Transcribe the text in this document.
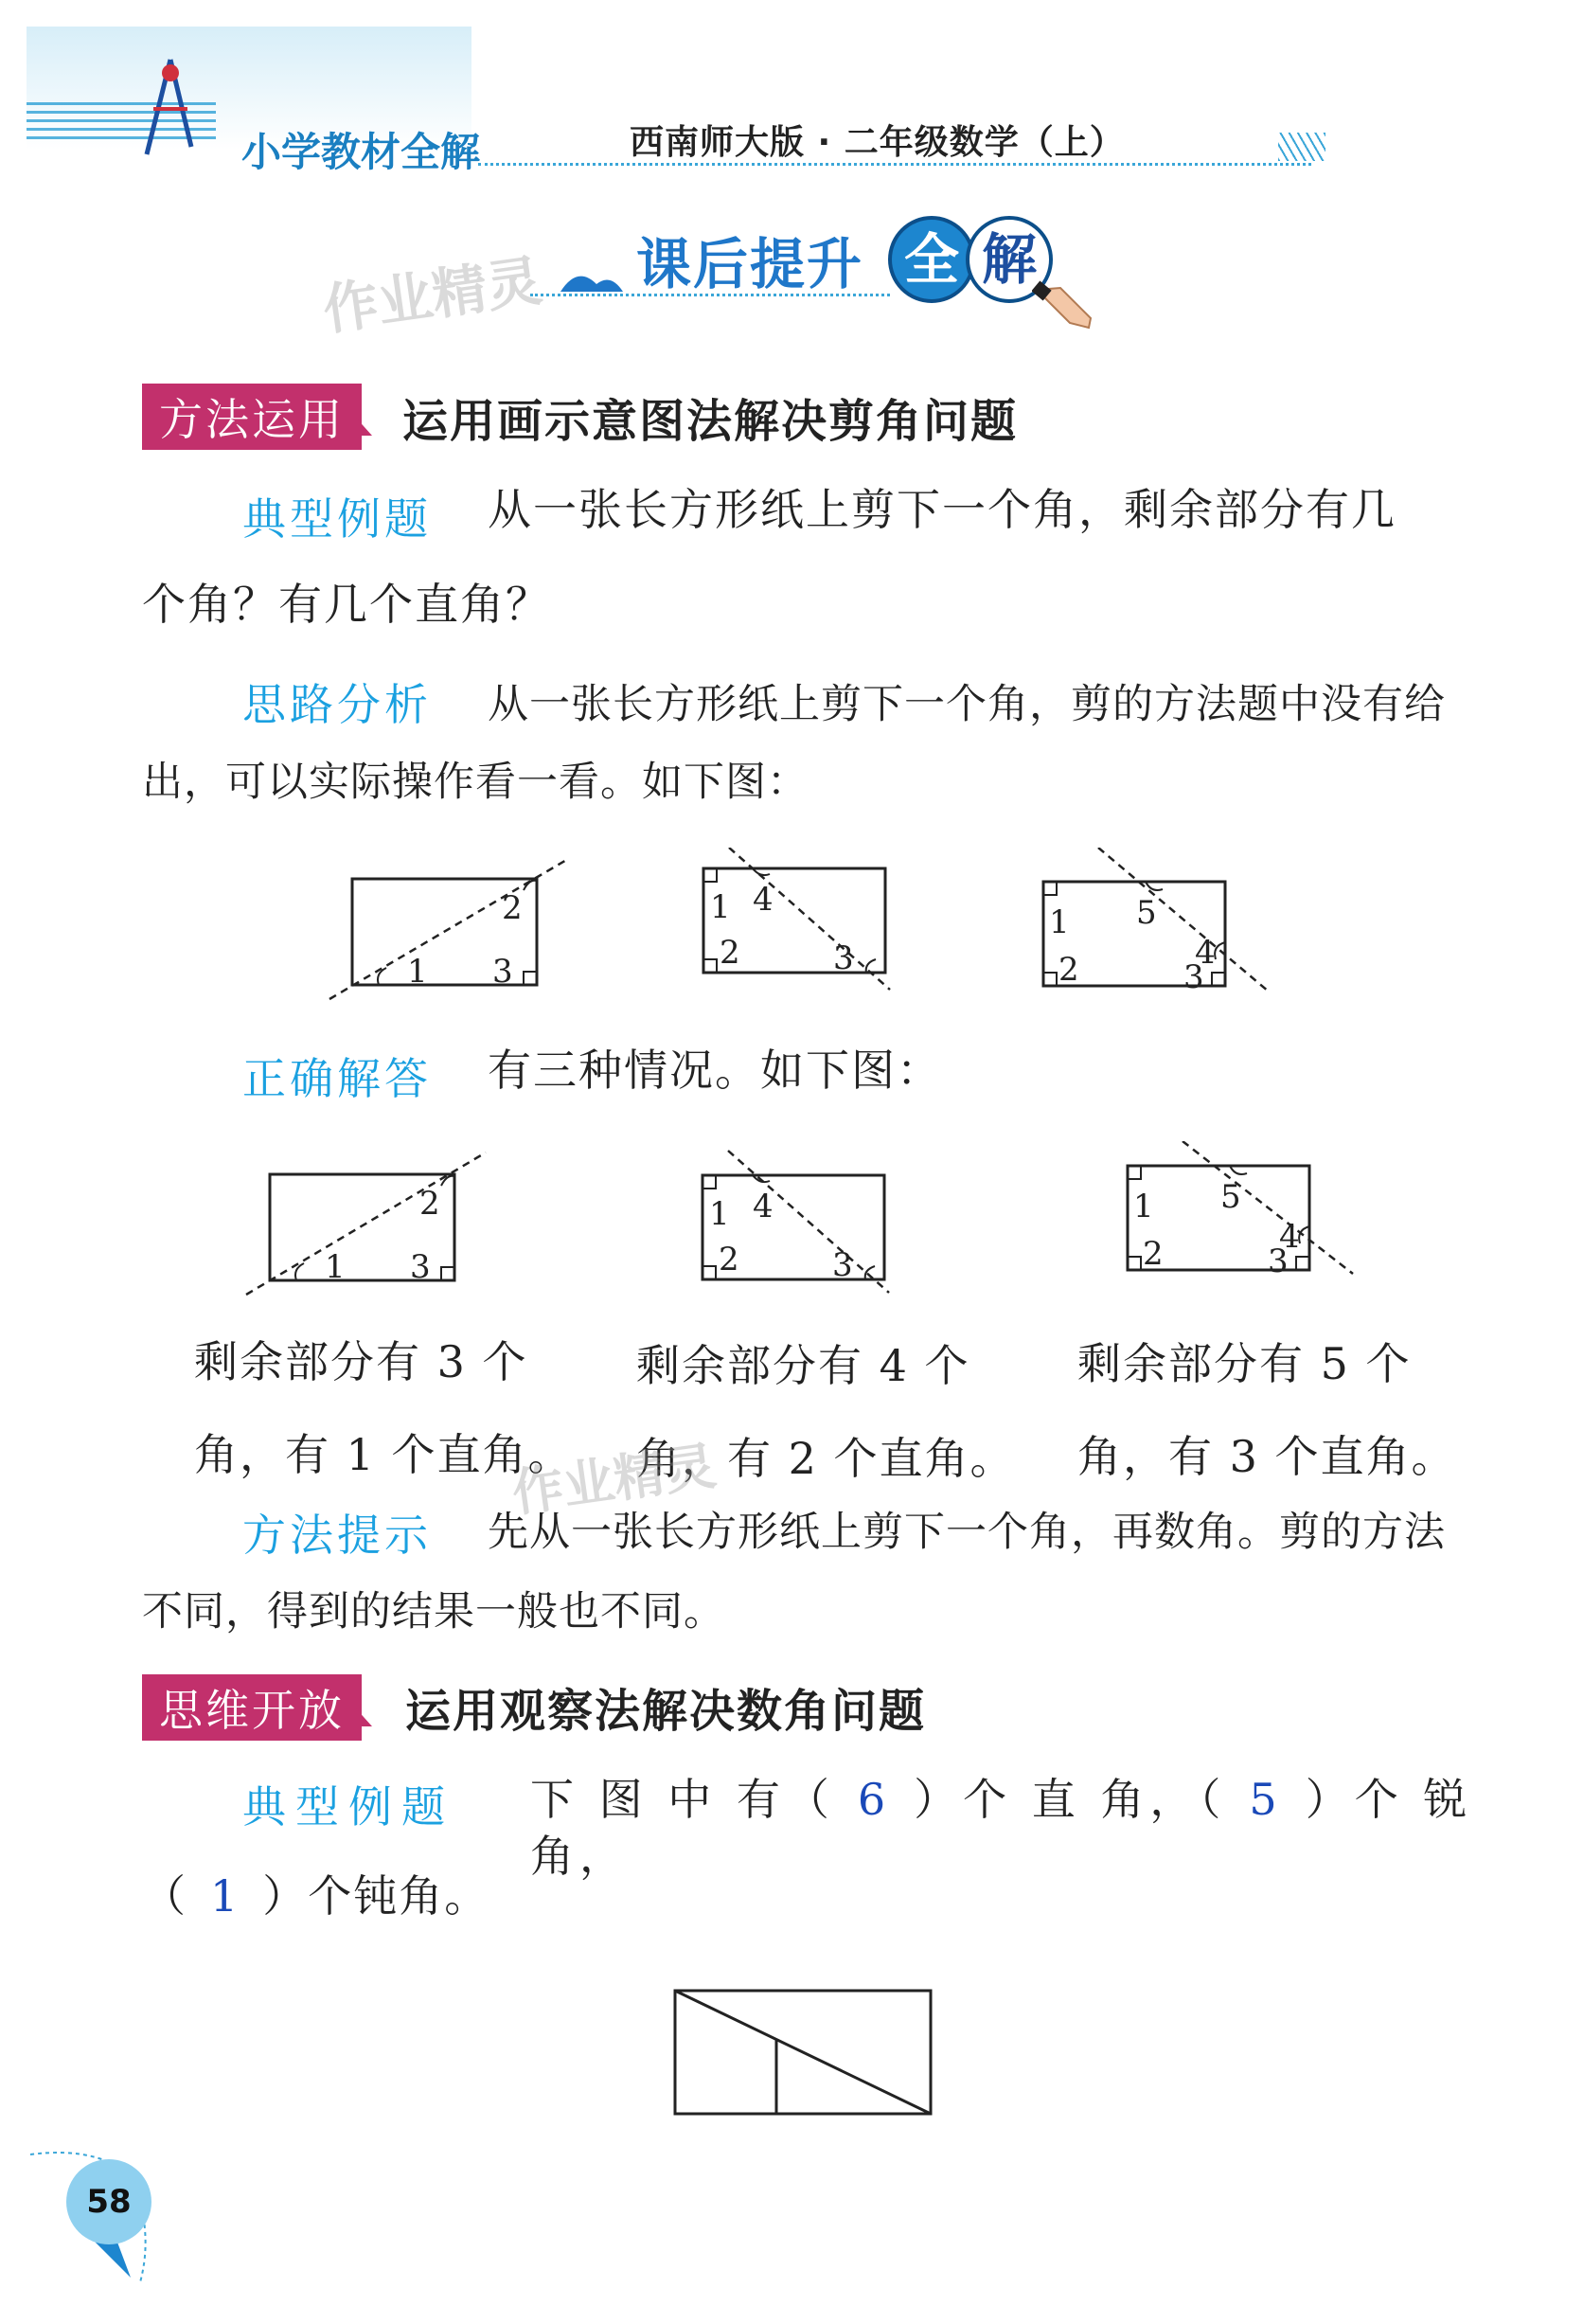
小学教材全解	西南师大版 · 二年级数学（上）
作业精灵 课后提升 全 解
方法运用	运用画示意图法解决剪角问题
典型例题 从一张长方形纸上剪下一个角，剩余部分有几
个角？有几个直角？
思路分析 从一张长方形纸上剪下一个角，剪的方法题中没有给
出，可以实际操作看一看。如下图：
1
2
3
1 4
2	3
1 5
2	4
3
正确解答 有三种情况。如下图：
1
2
3
1 4
2	3
1 5
2	4
3
剩余部分有 3 个
角，有 1 个直角。
剩余部分有 4 个
角，有 2 个直角。
剩余部分有 5 个
角，有 3 个直角。
作业精灵
方法提示 先从一张长方形纸上剪下一个角，再数角。剪的方法
不同，得到的结果一般也不同。
思维开放	运用观察法解决数角问题
典型例题 下 图 中 有（ 6 ）个 直 角，（ 5 ）个 锐 角，
（ 1 ）个钝角。
58
